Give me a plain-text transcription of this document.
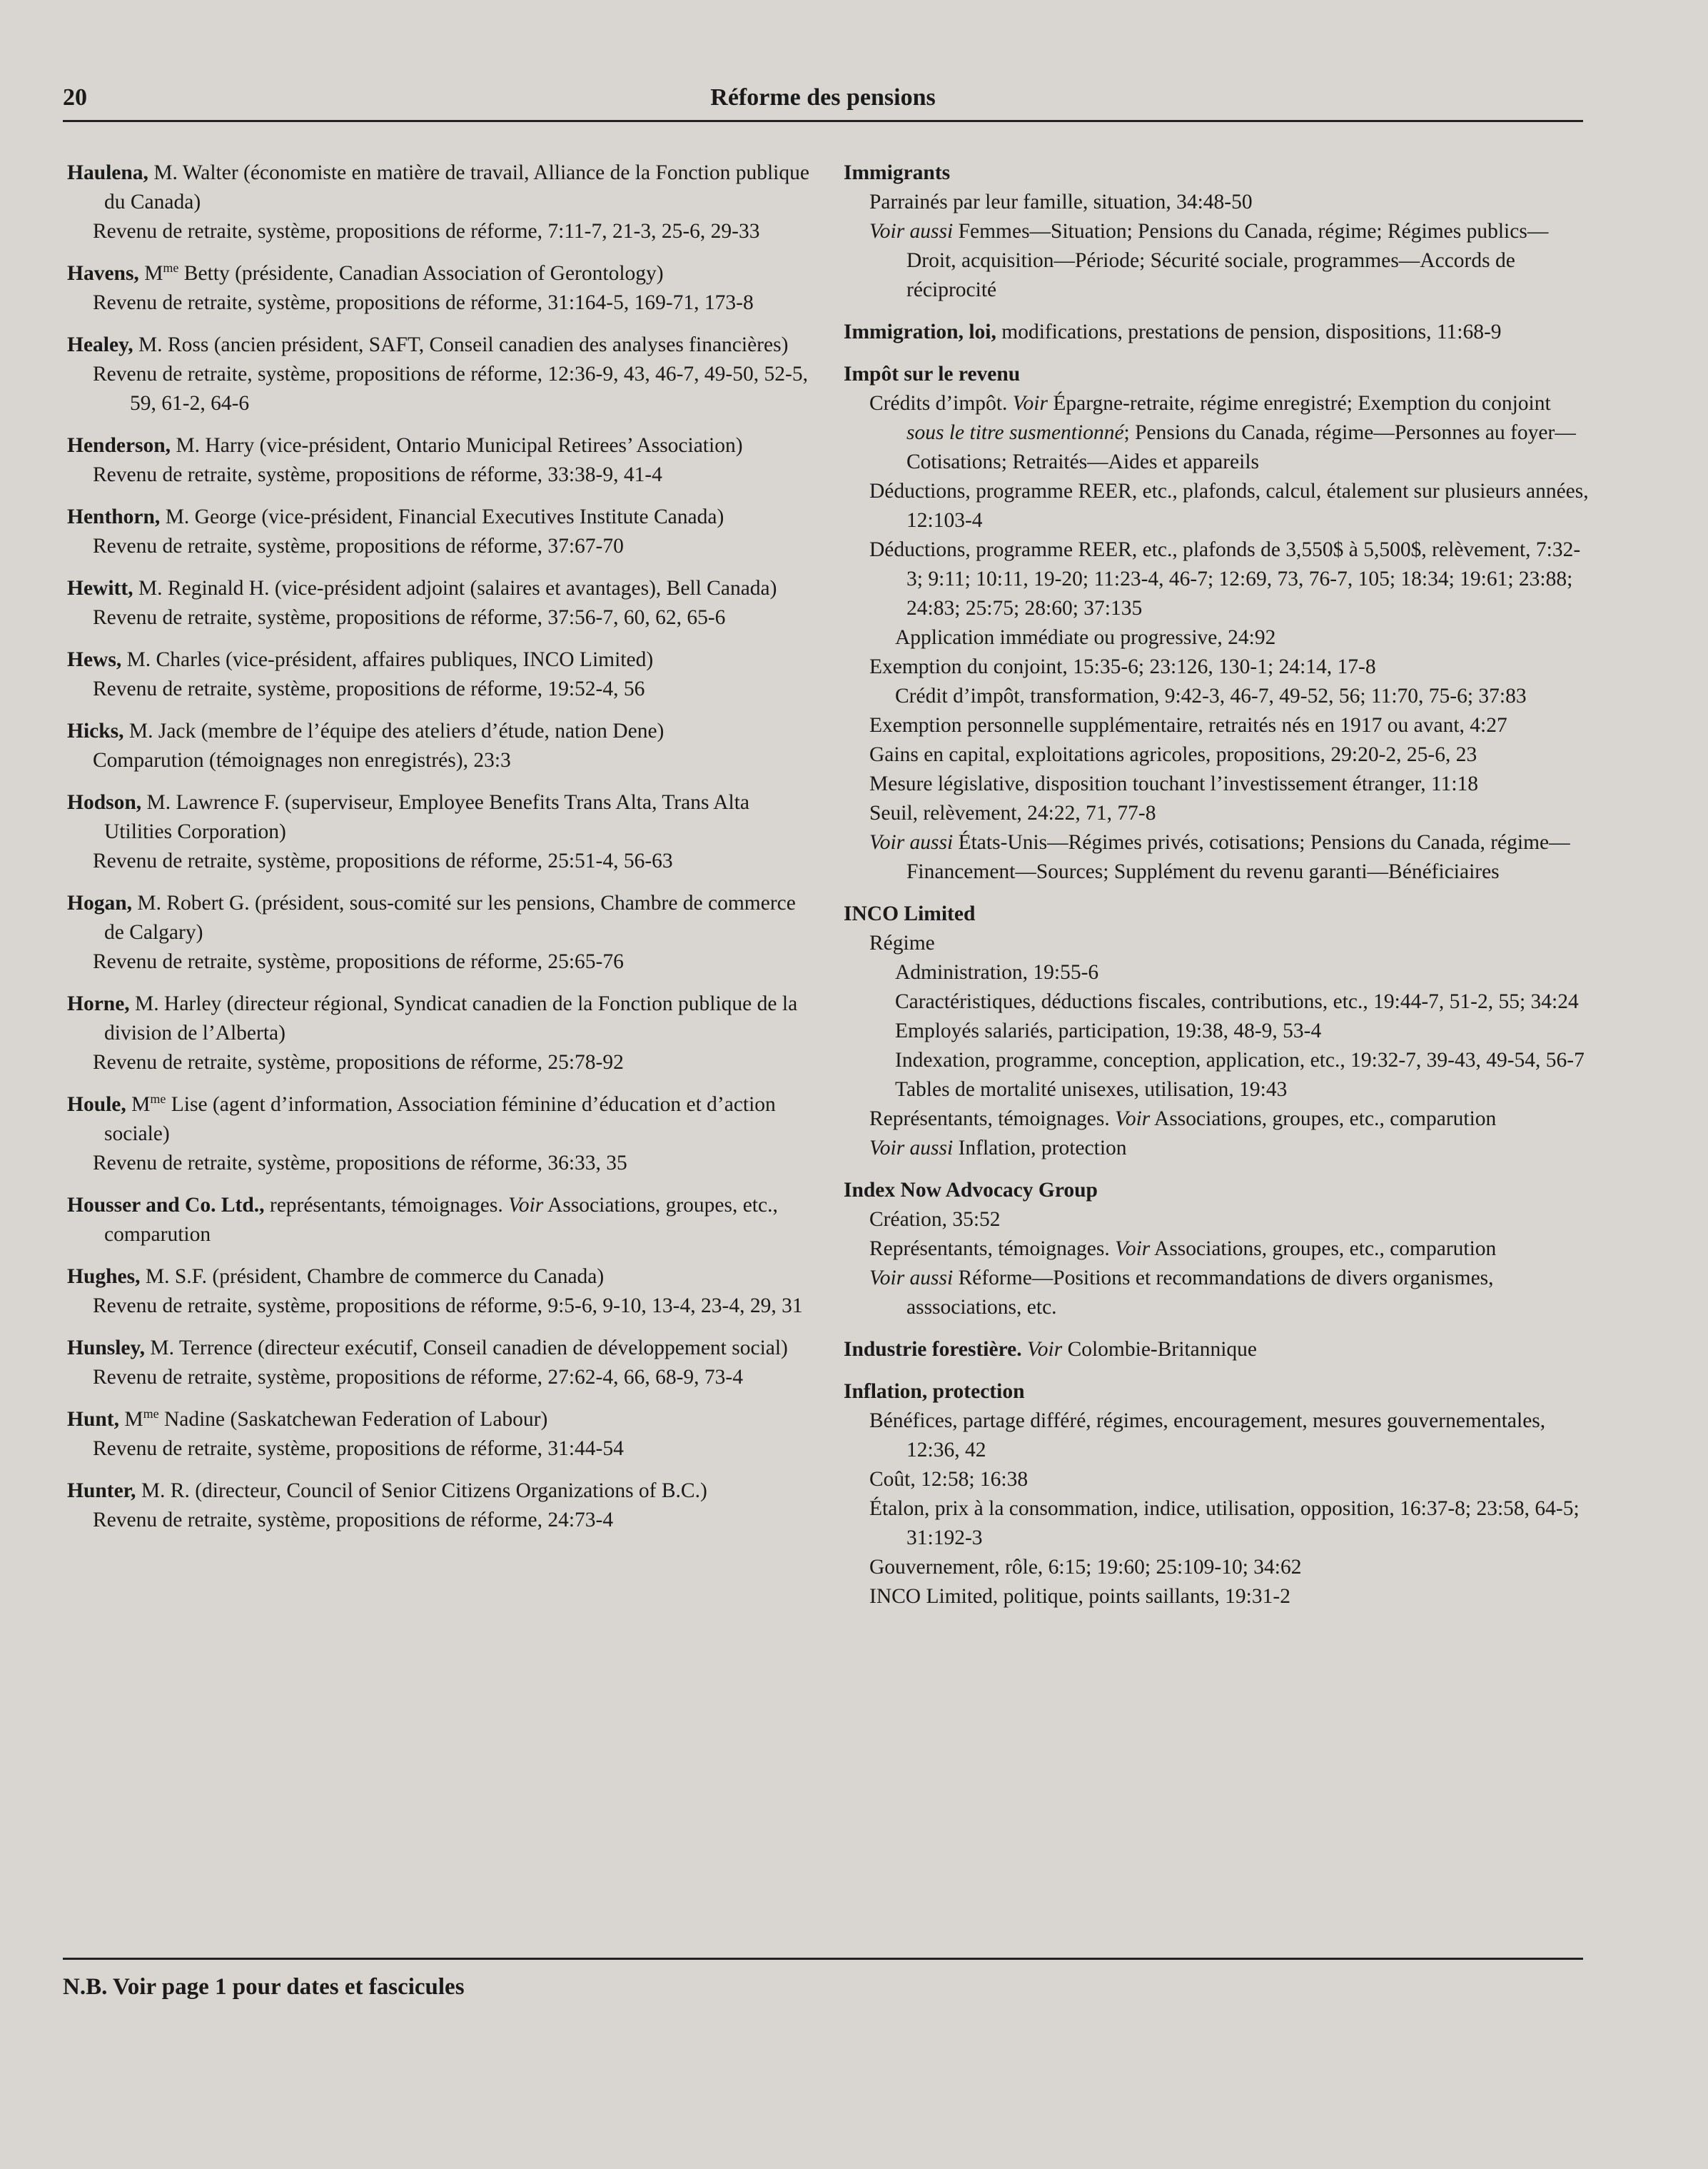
20	Réforme des pensions
Haulena, M. Walter (économiste en matière de travail, Alliance de la Fonction publique du Canada)
Revenu de retraite, système, propositions de réforme, 7:11-7, 21-3, 25-6, 29-33
Havens, $M^{me}$ Betty (présidente, Canadian Association of Gerontology)
Revenu de retraite, système, propositions de réforme, 31:164-5, 169-71, 173-8
Healey, M. Ross (ancien président, SAFT, Conseil canadien des analyses financières)
Revenu de retraite, système, propositions de réforme, 12:36-9, 43, 46-7, 49-50, 52-5, 59, 61-2, 64-6
Henderson, M. Harry (vice-président, Ontario Municipal Retirees’ Association)
Revenu de retraite, système, propositions de réforme, 33:38-9, 41-4
Henthorn, M. George (vice-président, Financial Executives Institute Canada)
Revenu de retraite, système, propositions de réforme, 37:67-70
Hewitt, M. Reginald H. (vice-président adjoint (salaires et avantages), Bell Canada)
Revenu de retraite, système, propositions de réforme, 37:56-7, 60, 62, 65-6
Hews, M. Charles (vice-président, affaires publiques, INCO Limited)
Revenu de retraite, système, propositions de réforme, 19:52-4, 56
Hicks, M. Jack (membre de l’équipe des ateliers d’étude, nation Dene)
Comparution (témoignages non enregistrés), 23:3
Hodson, M. Lawrence F. (superviseur, Employee Benefits Trans Alta, Trans Alta Utilities Corporation)
Revenu de retraite, système, propositions de réforme, 25:51-4, 56-63
Hogan, M. Robert G. (président, sous-comité sur les pensions, Chambre de commerce de Calgary)
Revenu de retraite, système, propositions de réforme, 25:65-76
Horne, M. Harley (directeur régional, Syndicat canadien de la Fonction publique de la division de l’Alberta)
Revenu de retraite, système, propositions de réforme, 25:78-92
Houle, $M^{me}$ Lise (agent d’information, Association féminine d’éducation et d’action sociale)
Revenu de retraite, système, propositions de réforme, 36:33, 35
Housser and Co. Ltd., représentants, témoignages. Voir Associations, groupes, etc., comparution
Hughes, M. S.F. (président, Chambre de commerce du Canada)
Revenu de retraite, système, propositions de réforme, 9:5-6, 9-10, 13-4, 23-4, 29, 31
Hunsley, M. Terrence (directeur exécutif, Conseil canadien de développement social)
Revenu de retraite, système, propositions de réforme, 27:62-4, 66, 68-9, 73-4
Hunt, $M^{me}$ Nadine (Saskatchewan Federation of Labour)
Revenu de retraite, système, propositions de réforme, 31:44-54
Hunter, M. R. (directeur, Council of Senior Citizens Organizations of B.C.)
Revenu de retraite, système, propositions de réforme, 24:73-4
Immigrants
Parrainés par leur famille, situation, 34:48-50
Voir aussi Femmes—Situation; Pensions du Canada, régime; Régimes publics—Droit, acquisition—Période; Sécurité sociale, programmes—Accords de réciprocité
Immigration, loi, modifications, prestations de pension, dispositions, 11:68-9
Impôt sur le revenu
Crédits d’impôt. Voir Épargne-retraite, régime enregistré; Exemption du conjoint sous le titre susmentionné; Pensions du Canada, régime—Personnes au foyer—Cotisations; Retraités—Aides et appareils
Déductions, programme REER, etc., plafonds, calcul, étalement sur plusieurs années, 12:103-4
Déductions, programme REER, etc., plafonds de 3,550$ à 5,500$, relèvement, 7:32-3; 9:11; 10:11, 19-20; 11:23-4, 46-7; 12:69, 73, 76-7, 105; 18:34; 19:61; 23:88; 24:83; 25:75; 28:60; 37:135
Application immédiate ou progressive, 24:92
Exemption du conjoint, 15:35-6; 23:126, 130-1; 24:14, 17-8
Crédit d’impôt, transformation, 9:42-3, 46-7, 49-52, 56; 11:70, 75-6; 37:83
Exemption personnelle supplémentaire, retraités nés en 1917 ou avant, 4:27
Gains en capital, exploitations agricoles, propositions, 29:20-2, 25-6, 23
Mesure législative, disposition touchant l’investissement étranger, 11:18
Seuil, relèvement, 24:22, 71, 77-8
Voir aussi États-Unis—Régimes privés, cotisations; Pensions du Canada, régime—Financement—Sources; Supplément du revenu garanti—Bénéficiaires
INCO Limited
Régime
Administration, 19:55-6
Caractéristiques, déductions fiscales, contributions, etc., 19:44-7, 51-2, 55; 34:24
Employés salariés, participation, 19:38, 48-9, 53-4
Indexation, programme, conception, application, etc., 19:32-7, 39-43, 49-54, 56-7
Tables de mortalité unisexes, utilisation, 19:43
Représentants, témoignages. Voir Associations, groupes, etc., comparution
Voir aussi Inflation, protection
Index Now Advocacy Group
Création, 35:52
Représentants, témoignages. Voir Associations, groupes, etc., comparution
Voir aussi Réforme—Positions et recommandations de divers organismes, asssociations, etc.
Industrie forestière. Voir Colombie-Britannique
Inflation, protection
Bénéfices, partage différé, régimes, encouragement, mesures gouvernementales, 12:36, 42
Coût, 12:58; 16:38
Étalon, prix à la consommation, indice, utilisation, opposition, 16:37-8; 23:58, 64-5; 31:192-3
Gouvernement, rôle, 6:15; 19:60; 25:109-10; 34:62
INCO Limited, politique, points saillants, 19:31-2
N.B. Voir page 1 pour dates et fascicules
